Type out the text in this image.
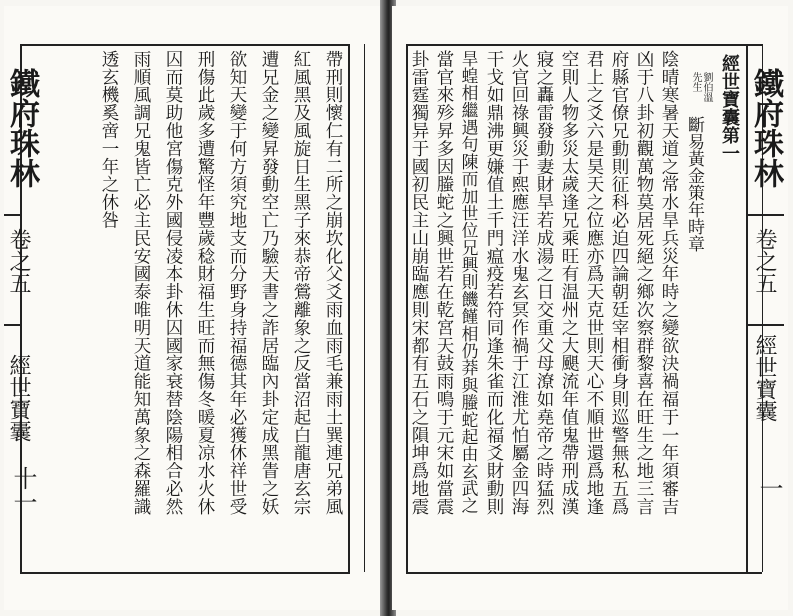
鐵府珠林
卷之五
經世寶囊
十一	帶刑則懷仁有二所之崩坎化父爻雨血雨毛兼雨土巽連兄弟風
紅風黑及風旋日生黑子來恭帝鶯離象之反當沼起白龍唐玄宗
遭兄金之變昇發動空亡乃驗天書之詐居臨內卦定成黑眚之妖
欲知天變于何方須究地支而分野身持福德其年必獲休祥世受
刑傷此歲多遭驚怪年豐歲稔財福生旺而無傷冬暖夏凉水火休
囚而莫助他宮傷克外國侵凌本卦休囚國家衰替陰陽相合必然
雨順風調兄鬼皆亡必主民安國泰唯明天道能知萬象之森羅識
透玄機奚啻一年之休咎	鐵府珠林
卷之五
經世寶囊
一
經世寶囊第一
劉伯溫
先生
斷易黃金策年時章
陰晴寒暑天道之常水旱兵災年時之變欲決禍福于一年須審吉
凶于八卦初觀萬物莫居死絕之鄉次察群黎喜在旺生之地三言
府縣官僚兄動則征科必迫四論朝廷宰相衝身則巡警無私五爲
君上之爻六是昊天之位應亦爲天克世則天心不順世還爲地逢
空則人物多災太歲逢兄乘旺有温州之大颶流年值鬼帶刑成漢
寢之轟雷發動妻財旱若成湯之日交重父母潦如堯帝之時猛烈
火官回祿興災于熙應汪洋水鬼玄冥作禍于江淮尤怕屬金四海
干戈如鼎沸更嫌值土千門瘟疫若符同逢朱雀而化福爻財動則
旱蝗相繼遇句陳而加世位兄興則饑饉相仍莽與螣蛇起由玄武之
當官來殄昇多因螣蛇之興世若在乾宮天鼓雨鳴于元宋如當震
卦雷霆獨异于國初民主山崩臨應則宋都有五石之隕坤爲地震
